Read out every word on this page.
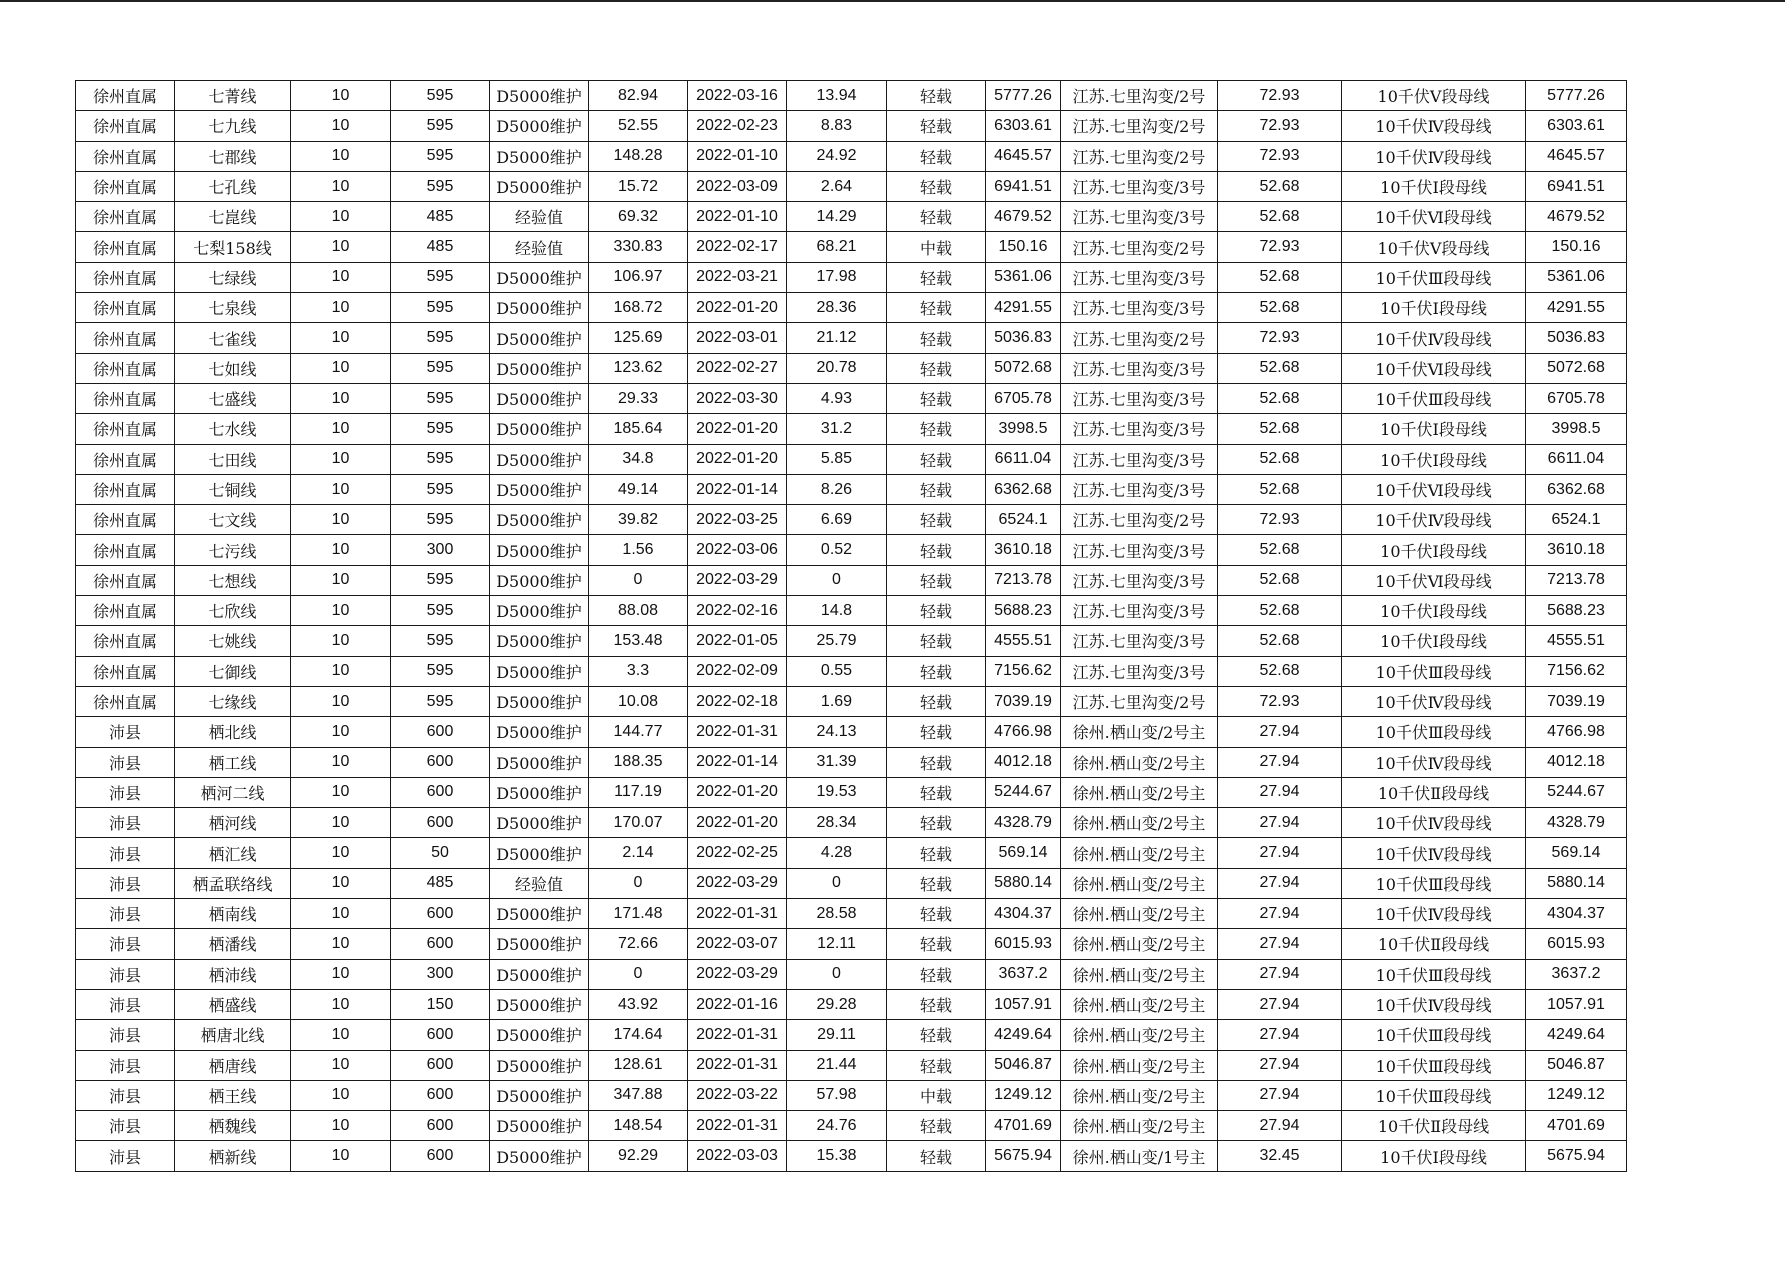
徐州直属	七菁线	10	595	D5000维护	82.94	2022-03-16	13.94	轻载	5777.26	江苏.七里沟变/2号	72.93	10千伏Ⅴ段母线	5777.26
徐州直属	七九线	10	595	D5000维护	52.55	2022-02-23	8.83	轻载	6303.61	江苏.七里沟变/2号	72.93	10千伏Ⅳ段母线	6303.61
徐州直属	七郡线	10	595	D5000维护	148.28	2022-01-10	24.92	轻载	4645.57	江苏.七里沟变/2号	72.93	10千伏Ⅳ段母线	4645.57
徐州直属	七孔线	10	595	D5000维护	15.72	2022-03-09	2.64	轻载	6941.51	江苏.七里沟变/3号	52.68	10千伏Ⅰ段母线	6941.51
徐州直属	七崑线	10	485	经验值	69.32	2022-01-10	14.29	轻载	4679.52	江苏.七里沟变/3号	52.68	10千伏Ⅵ段母线	4679.52
徐州直属	七梨158线	10	485	经验值	330.83	2022-02-17	68.21	中载	150.16	江苏.七里沟变/2号	72.93	10千伏Ⅴ段母线	150.16
徐州直属	七绿线	10	595	D5000维护	106.97	2022-03-21	17.98	轻载	5361.06	江苏.七里沟变/3号	52.68	10千伏Ⅲ段母线	5361.06
徐州直属	七泉线	10	595	D5000维护	168.72	2022-01-20	28.36	轻载	4291.55	江苏.七里沟变/3号	52.68	10千伏Ⅰ段母线	4291.55
徐州直属	七雀线	10	595	D5000维护	125.69	2022-03-01	21.12	轻载	5036.83	江苏.七里沟变/2号	72.93	10千伏Ⅳ段母线	5036.83
徐州直属	七如线	10	595	D5000维护	123.62	2022-02-27	20.78	轻载	5072.68	江苏.七里沟变/3号	52.68	10千伏Ⅵ段母线	5072.68
徐州直属	七盛线	10	595	D5000维护	29.33	2022-03-30	4.93	轻载	6705.78	江苏.七里沟变/3号	52.68	10千伏Ⅲ段母线	6705.78
徐州直属	七水线	10	595	D5000维护	185.64	2022-01-20	31.2	轻载	3998.5	江苏.七里沟变/3号	52.68	10千伏Ⅰ段母线	3998.5
徐州直属	七田线	10	595	D5000维护	34.8	2022-01-20	5.85	轻载	6611.04	江苏.七里沟变/3号	52.68	10千伏Ⅰ段母线	6611.04
徐州直属	七铜线	10	595	D5000维护	49.14	2022-01-14	8.26	轻载	6362.68	江苏.七里沟变/3号	52.68	10千伏Ⅵ段母线	6362.68
徐州直属	七文线	10	595	D5000维护	39.82	2022-03-25	6.69	轻载	6524.1	江苏.七里沟变/2号	72.93	10千伏Ⅳ段母线	6524.1
徐州直属	七污线	10	300	D5000维护	1.56	2022-03-06	0.52	轻载	3610.18	江苏.七里沟变/3号	52.68	10千伏Ⅰ段母线	3610.18
徐州直属	七想线	10	595	D5000维护	0	2022-03-29	0	轻载	7213.78	江苏.七里沟变/3号	52.68	10千伏Ⅵ段母线	7213.78
徐州直属	七欣线	10	595	D5000维护	88.08	2022-02-16	14.8	轻载	5688.23	江苏.七里沟变/3号	52.68	10千伏Ⅰ段母线	5688.23
徐州直属	七姚线	10	595	D5000维护	153.48	2022-01-05	25.79	轻载	4555.51	江苏.七里沟变/3号	52.68	10千伏Ⅰ段母线	4555.51
徐州直属	七御线	10	595	D5000维护	3.3	2022-02-09	0.55	轻载	7156.62	江苏.七里沟变/3号	52.68	10千伏Ⅲ段母线	7156.62
徐州直属	七缘线	10	595	D5000维护	10.08	2022-02-18	1.69	轻载	7039.19	江苏.七里沟变/2号	72.93	10千伏Ⅳ段母线	7039.19
沛县	栖北线	10	600	D5000维护	144.77	2022-01-31	24.13	轻载	4766.98	徐州.栖山变/2号主	27.94	10千伏Ⅲ段母线	4766.98
沛县	栖工线	10	600	D5000维护	188.35	2022-01-14	31.39	轻载	4012.18	徐州.栖山变/2号主	27.94	10千伏Ⅳ段母线	4012.18
沛县	栖河二线	10	600	D5000维护	117.19	2022-01-20	19.53	轻载	5244.67	徐州.栖山变/2号主	27.94	10千伏Ⅱ段母线	5244.67
沛县	栖河线	10	600	D5000维护	170.07	2022-01-20	28.34	轻载	4328.79	徐州.栖山变/2号主	27.94	10千伏Ⅳ段母线	4328.79
沛县	栖汇线	10	50	D5000维护	2.14	2022-02-25	4.28	轻载	569.14	徐州.栖山变/2号主	27.94	10千伏Ⅳ段母线	569.14
沛县	栖孟联络线	10	485	经验值	0	2022-03-29	0	轻载	5880.14	徐州.栖山变/2号主	27.94	10千伏Ⅲ段母线	5880.14
沛县	栖南线	10	600	D5000维护	171.48	2022-01-31	28.58	轻载	4304.37	徐州.栖山变/2号主	27.94	10千伏Ⅳ段母线	4304.37
沛县	栖潘线	10	600	D5000维护	72.66	2022-03-07	12.11	轻载	6015.93	徐州.栖山变/2号主	27.94	10千伏Ⅱ段母线	6015.93
沛县	栖沛线	10	300	D5000维护	0	2022-03-29	0	轻载	3637.2	徐州.栖山变/2号主	27.94	10千伏Ⅲ段母线	3637.2
沛县	栖盛线	10	150	D5000维护	43.92	2022-01-16	29.28	轻载	1057.91	徐州.栖山变/2号主	27.94	10千伏Ⅳ段母线	1057.91
沛县	栖唐北线	10	600	D5000维护	174.64	2022-01-31	29.11	轻载	4249.64	徐州.栖山变/2号主	27.94	10千伏Ⅲ段母线	4249.64
沛县	栖唐线	10	600	D5000维护	128.61	2022-01-31	21.44	轻载	5046.87	徐州.栖山变/2号主	27.94	10千伏Ⅲ段母线	5046.87
沛县	栖王线	10	600	D5000维护	347.88	2022-03-22	57.98	中载	1249.12	徐州.栖山变/2号主	27.94	10千伏Ⅲ段母线	1249.12
沛县	栖魏线	10	600	D5000维护	148.54	2022-01-31	24.76	轻载	4701.69	徐州.栖山变/2号主	27.94	10千伏Ⅱ段母线	4701.69
沛县	栖新线	10	600	D5000维护	92.29	2022-03-03	15.38	轻载	5675.94	徐州.栖山变/1号主	32.45	10千伏Ⅰ段母线	5675.94
